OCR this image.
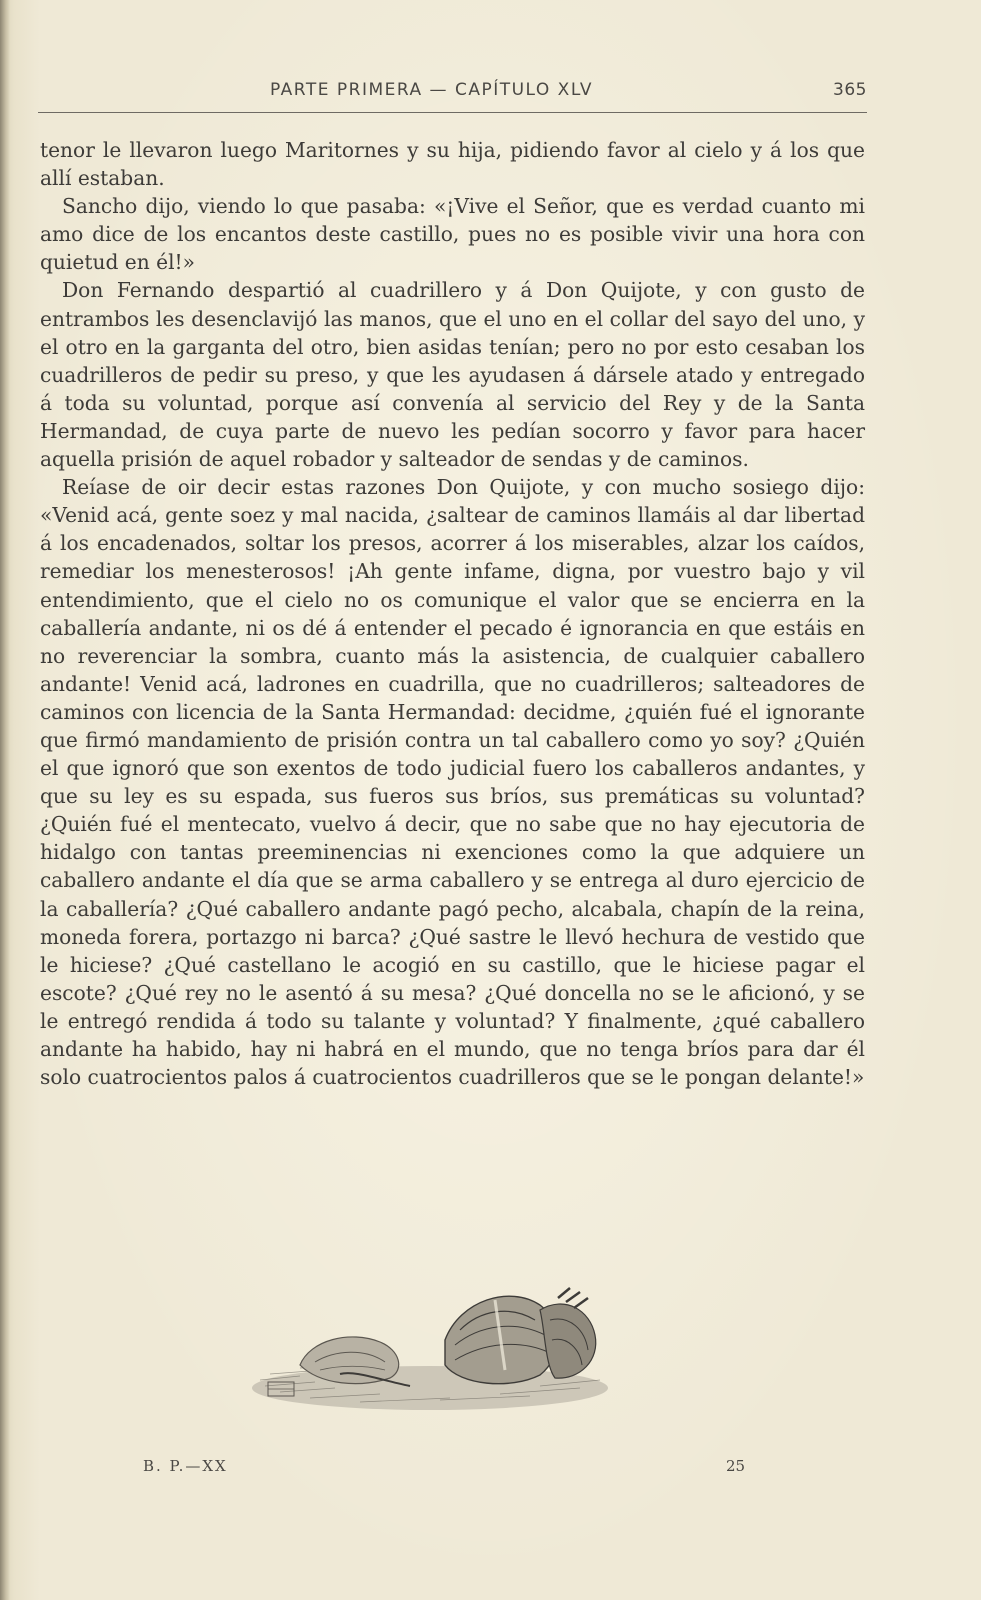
PARTE PRIMERA — CAPÍTULO XLV	365

tenor le llevaron luego Maritornes y su hija, pidiendo favor al cielo y á los que allí estaban.

Sancho dijo, viendo lo que pasaba: «¡Vive el Señor, que es verdad cuanto mi amo dice de los encantos deste castillo, pues no es posible vivir una hora con quietud en él!»

Don Fernando despartió al cuadrillero y á Don Quijote, y con gusto de entrambos les desenclavijó las manos, que el uno en el collar del sayo del uno, y el otro en la garganta del otro, bien asidas tenían; pero no por esto cesaban los cuadrilleros de pedir su preso, y que les ayudasen á dársele atado y entregado á toda su voluntad, porque así convenía al servicio del Rey y de la Santa Hermandad, de cuya parte de nuevo les pedían socorro y favor para hacer aquella prisión de aquel robador y salteador de sendas y de caminos.

Reíase de oir decir estas razones Don Quijote, y con mucho sosiego dijo: «Venid acá, gente soez y mal nacida, ¿saltear de caminos llamáis al dar libertad á los encadenados, soltar los presos, acorrer á los miserables, alzar los caídos, remediar los menesterosos! ¡Ah gente infame, digna, por vuestro bajo y vil entendimiento, que el cielo no os comunique el valor que se encierra en la caballería andante, ni os dé á entender el pecado é ignorancia en que estáis en no reverenciar la sombra, cuanto más la asistencia, de cualquier caballero andante! Venid acá, ladrones en cuadrilla, que no cuadrilleros; salteadores de caminos con licencia de la Santa Hermandad: decidme, ¿quién fué el ignorante que firmó mandamiento de prisión contra un tal caballero como yo soy? ¿Quién el que ignoró que son exentos de todo judicial fuero los caballeros andantes, y que su ley es su espada, sus fueros sus bríos, sus premáticas su voluntad? ¿Quién fué el mentecato, vuelvo á decir, que no sabe que no hay ejecutoria de hidalgo con tantas preeminencias ni exenciones como la que adquiere un caballero andante el día que se arma caballero y se entrega al duro ejercicio de la caballería? ¿Qué caballero andante pagó pecho, alcabala, chapín de la reina, moneda forera, portazgo ni barca? ¿Qué sastre le llevó hechura de vestido que le hiciese? ¿Qué castellano le acogió en su castillo, que le hiciese pagar el escote? ¿Qué rey no le asentó á su mesa? ¿Qué doncella no se le aficionó, y se le entregó rendida á todo su talante y voluntad? Y finalmente, ¿qué caballero andante ha habido, hay ni habrá en el mundo, que no tenga bríos para dar él solo cuatrocientos palos á cuatrocientos cuadrilleros que se le pongan delante!»

B. P.—XX	25
